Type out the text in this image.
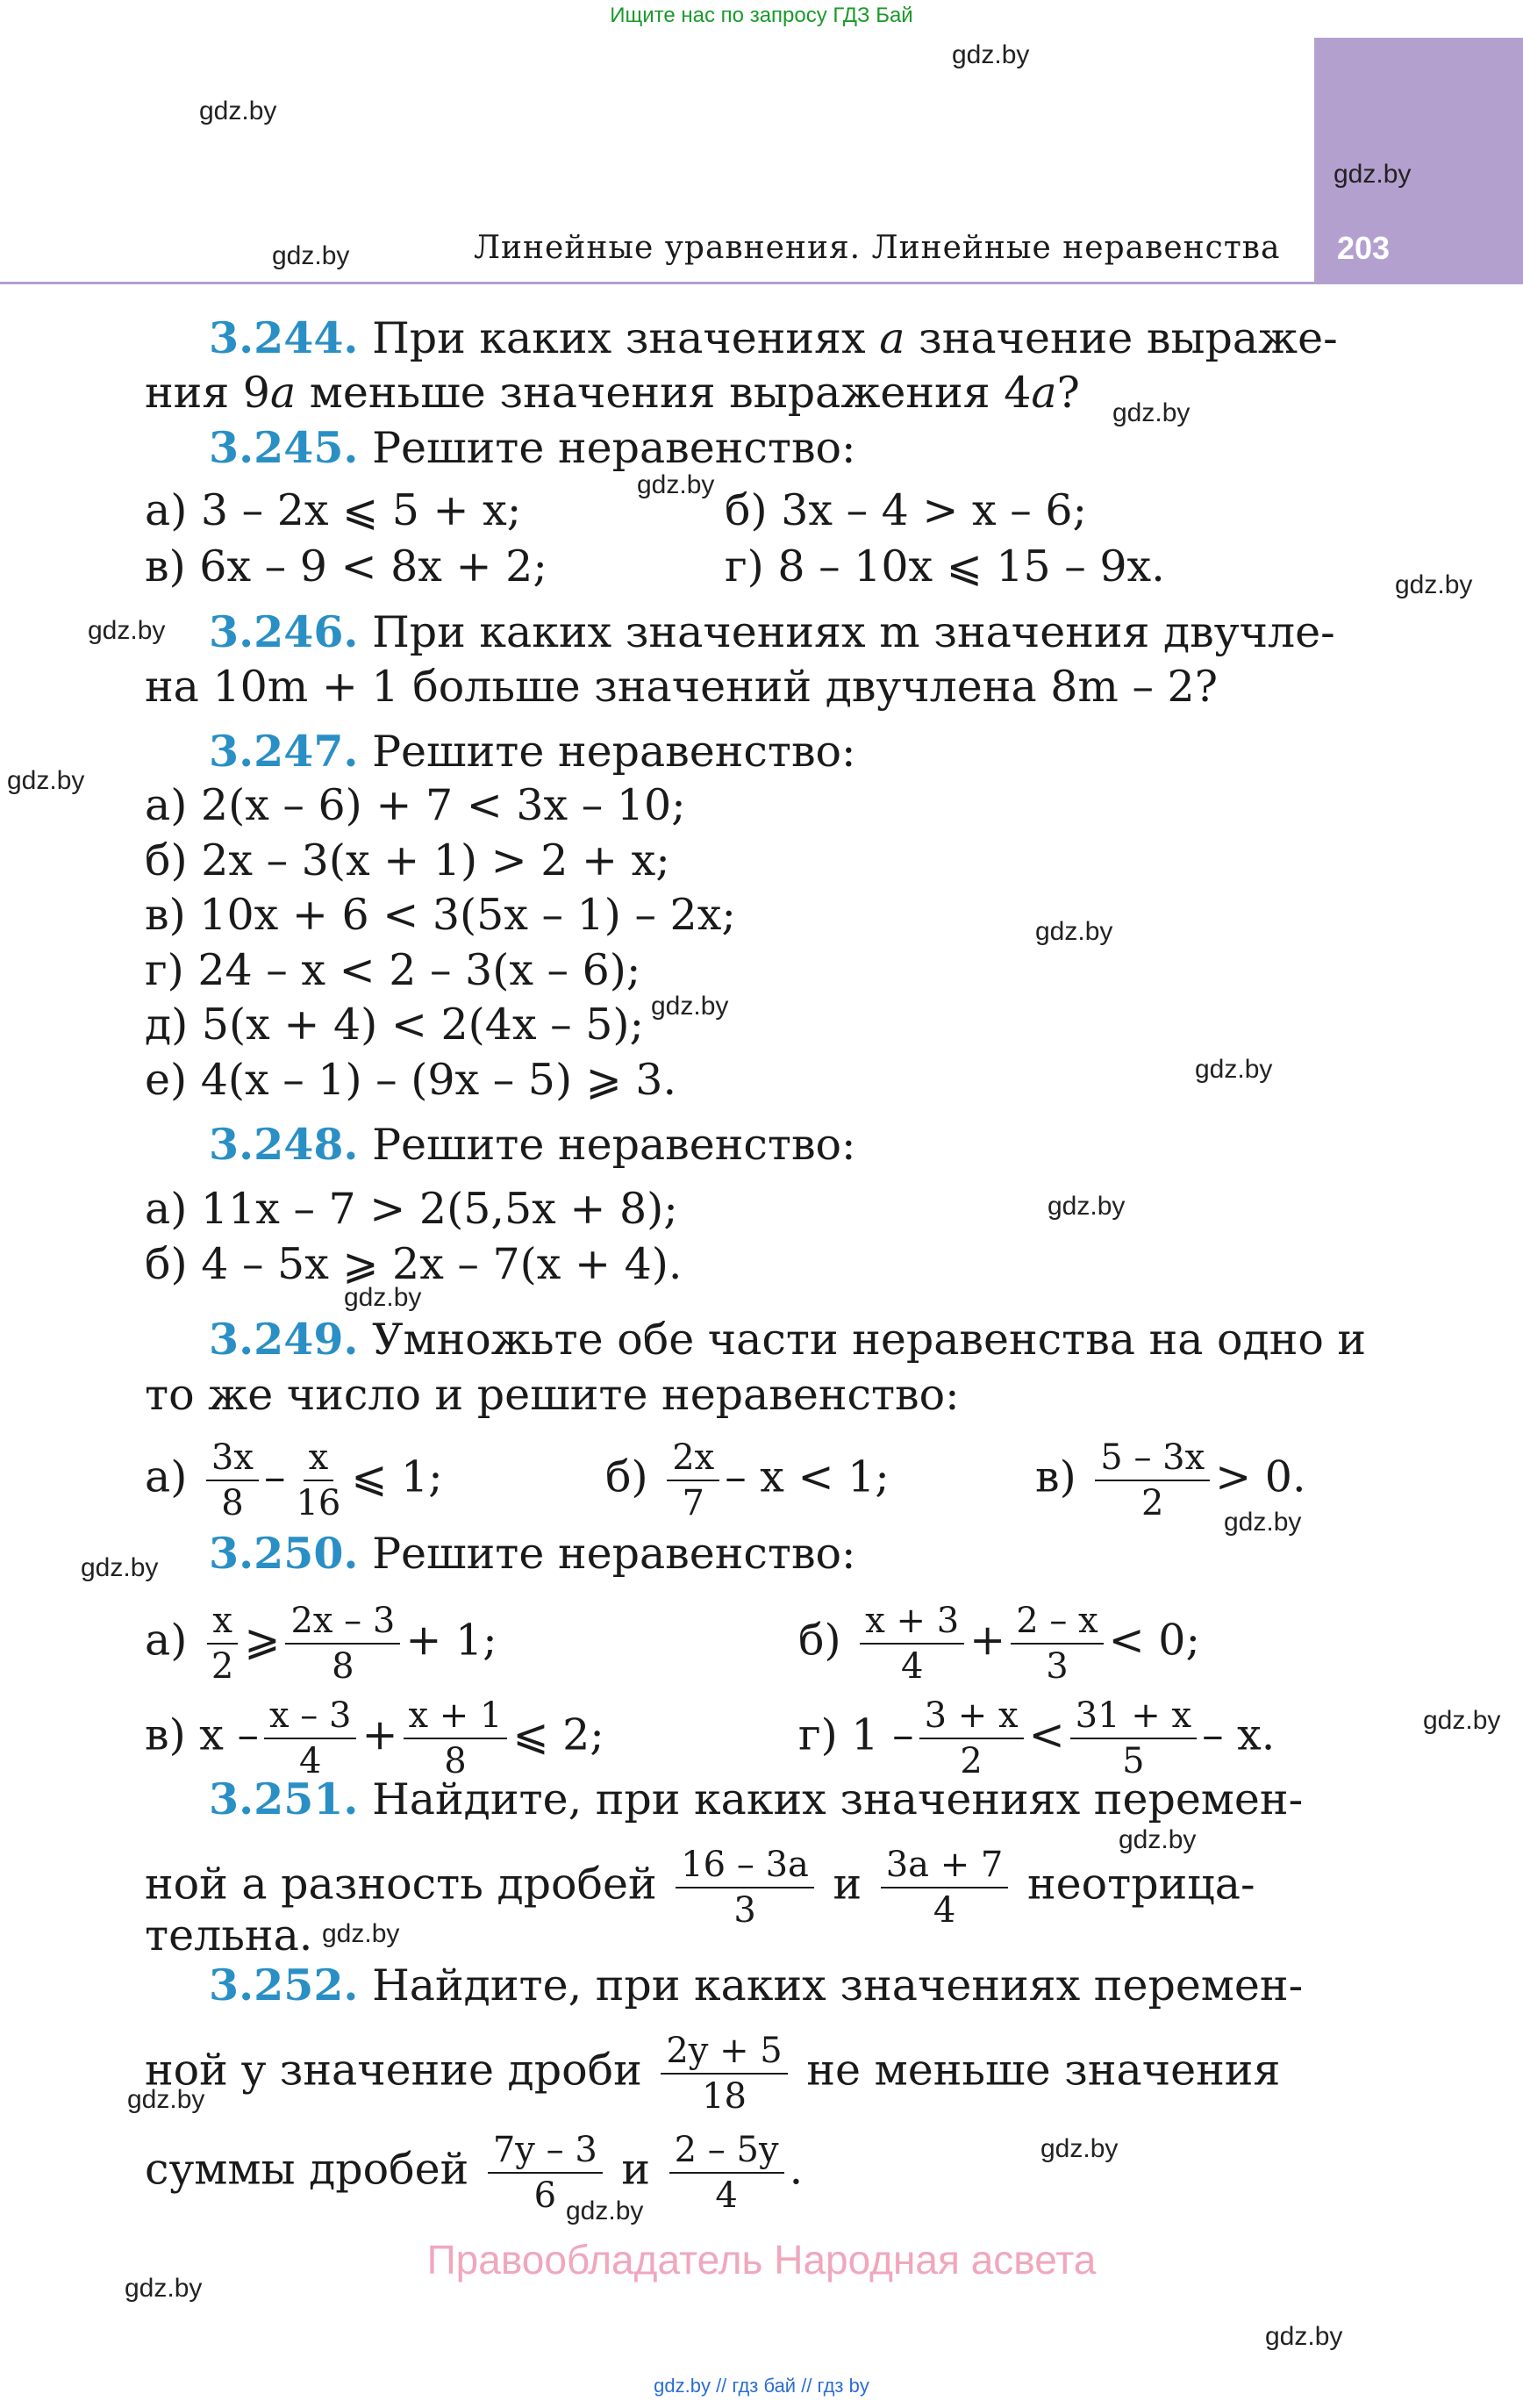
Ищите нас по запросу ГДЗ Бай
203
Линейные уравнения. Линейные неравенства
gdz.by
gdz.by
gdz.by
gdz.by
gdz.by
gdz.by
gdz.by
gdz.by
gdz.by
gdz.by
gdz.by
gdz.by
gdz.by
gdz.by
gdz.by
gdz.by
gdz.by
gdz.by
gdz.by
gdz.by
gdz.by
gdz.by
gdz.by
gdz.by
3.244. При каких значениях a значение выраже-
ния 9a меньше значения выражения 4a?
3.245. Решите неравенство:
а) 3 – 2x ⩽ 5 + x;	б) 3x – 4 > x – 6;
в) 6x – 9 < 8x + 2;	г) 8 – 10x ⩽ 15 – 9x.
3.246. При каких значениях m значения двучле-
на 10m + 1 больше значений двучлена 8m – 2?
3.247. Решите неравенство:
а) 2(x – 6) + 7 < 3x – 10;
б) 2x – 3(x + 1) > 2 + x;
в) 10x + 6 < 3(5x – 1) – 2x;
г) 24 – x < 2 – 3(x – 6);
д) 5(x + 4) < 2(4x – 5);
е) 4(x – 1) – (9x – 5) ⩾ 3.
3.248. Решите неравенство:
а) 11x – 7 > 2(5,5x + 8);
б) 4 – 5x ⩾ 2x – 7(x + 4).
3.249. Умножьте обе части неравенства на одно и
то же число и решите неравенство:
$а) \frac{3x}{8} - \frac{x}{16}$ ⩽ 1;	$б) \frac{2x}{7} - x < 1$;	$в) \frac{5 - 3x}{2} > 0$.
3.250. Решите неравенство:
$а) \frac{x}{2}$ ⩾ $\frac{2x - 3}{8} + 1$;	$б) \frac{x + 3}{4} + \frac{2 - x}{3} < 0$;
в) $x - \frac{x - 3}{4} + \frac{x + 1}{8}$ ⩽ 2;	г) $1 - \frac{3 + x}{2} < \frac{31 + x}{5} - x$.
3.251. Найдите, при каких значениях перемен-
ной a разность дробей $\frac{16 - 3a}{3}$ и $\frac{3a + 7}{4}$ неотрица-
тельна.
3.252. Найдите, при каких значениях перемен-
ной y значение дроби $\frac{2y + 5}{18}$ не меньше значения
суммы дробей $\frac{7y - 3}{6}$ и $\frac{2 - 5y}{4}$ .
Правообладатель Народная асвета
gdz.by // гдз бай // гдз by
